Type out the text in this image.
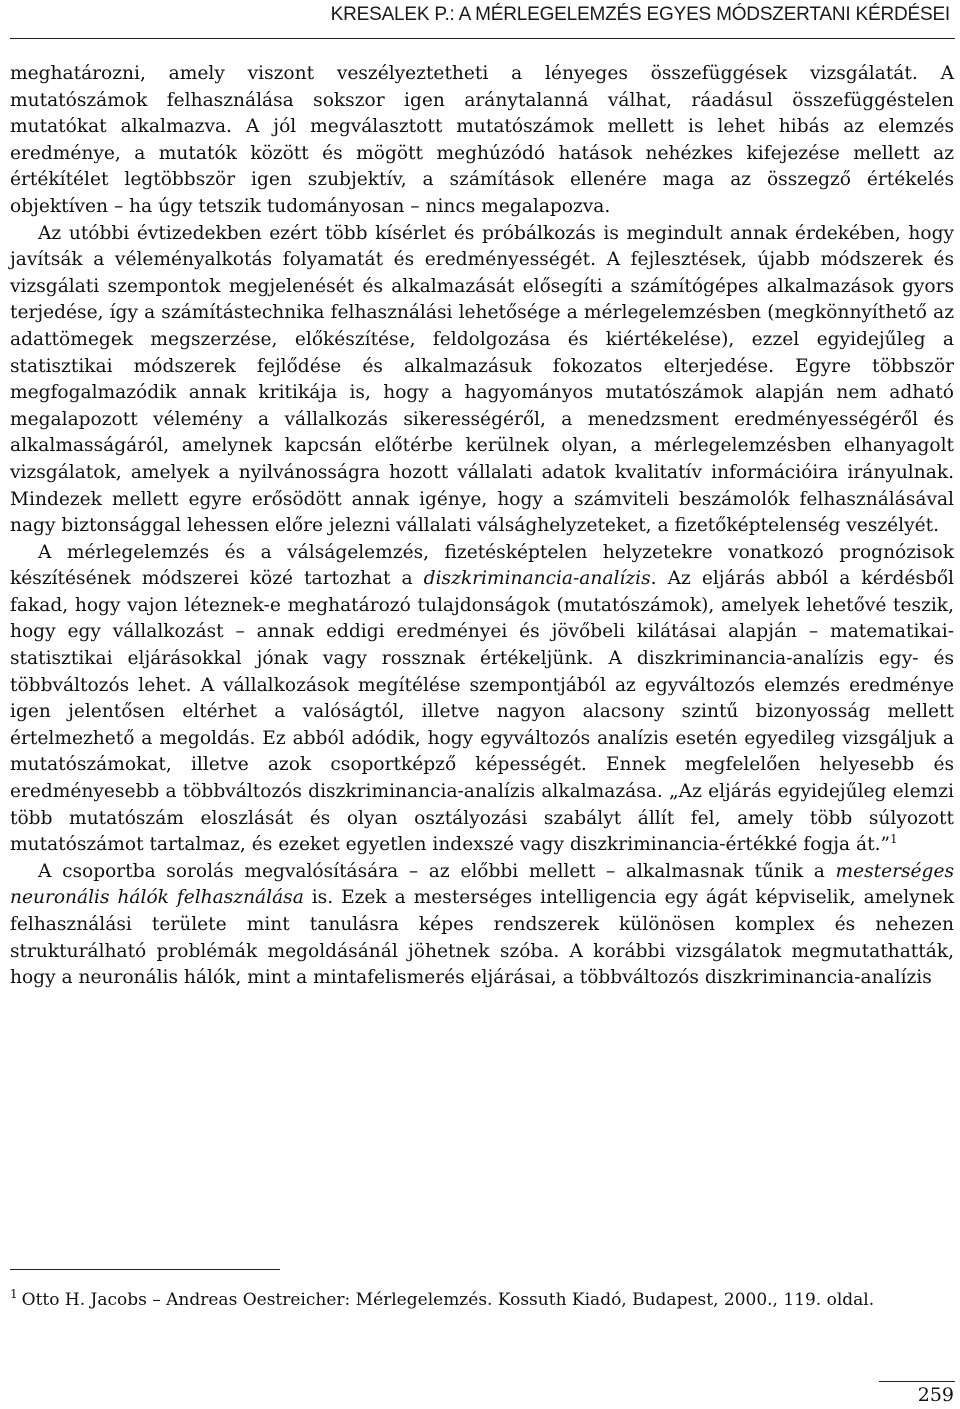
KRESALEK P.: A MÉRLEGELEMZÉS EGYES MÓDSZERTANI KÉRDÉSEI

meghatározni, amely viszont veszélyeztetheti a lényeges összefüggések vizsgálatát. A mutatószámok felhasználása sokszor igen aránytalanná válhat, ráadásul összefüggéstelen mutatókat alkalmazva. A jól megválasztott mutatószámok mellett is lehet hibás az elemzés eredménye, a mutatók között és mögött meghúzódó hatások nehézkes kifejezése mellett az értékítélet legtöbbször igen szubjektív, a számítások ellenére maga az összegző értékelés objektíven – ha úgy tetszik tudományosan – nincs megalapozva.

Az utóbbi évtizedekben ezért több kísérlet és próbálkozás is megindult annak érdekében, hogy javítsák a véleményalkotás folyamatát és eredményességét. A fejlesztések, újabb módszerek és vizsgálati szempontok megjelenését és alkalmazását elősegíti a számítógépes alkalmazások gyors terjedése, így a számítástechnika felhasználási lehetősége a mérlegelemzésben (megkönnyíthető az adattömegek megszerzése, előkészítése, feldolgozása és kiértékelése), ezzel egyidejűleg a statisztikai módszerek fejlődése és alkalmazásuk fokozatos elterjedése. Egyre többször megfogalmazódik annak kritikája is, hogy a hagyományos mutatószámok alapján nem adható megalapozott vélemény a vállalkozás sikerességéről, a menedzsment eredményességéről és alkalmasságáról, amelynek kapcsán előtérbe kerülnek olyan, a mérlegelemzésben elhanyagolt vizsgálatok, amelyek a nyilvánosságra hozott vállalati adatok kvalitatív információira irányulnak. Mindezek mellett egyre erősödött annak igénye, hogy a számviteli beszámolók felhasználásával nagy biztonsággal lehessen előre jelezni vállalati válsághelyzeteket, a fizetőképtelenség veszélyét.

A mérlegelemzés és a válságelemzés, fizetésképtelen helyzetekre vonatkozó prognózisok készítésének módszerei közé tartozhat a diszkriminancia-analízis. Az eljárás abból a kérdésből fakad, hogy vajon léteznek-e meghatározó tulajdonságok (mutatószámok), amelyek lehetővé teszik, hogy egy vállalkozást – annak eddigi eredményei és jövőbeli kilátásai alapján – matematikai-statisztikai eljárásokkal jónak vagy rossznak értékeljünk. A diszkriminancia-analízis egy- és többváltozós lehet. A vállalkozások megítélése szempontjából az egyváltozós elemzés eredménye igen jelentősen eltérhet a valóságtól, illetve nagyon alacsony szintű bizonyosság mellett értelmezhető a megoldás. Ez abból adódik, hogy egyváltozós analízis esetén egyedileg vizsgáljuk a mutatószámokat, illetve azok csoportképző képességét. Ennek megfelelően helyesebb és eredményesebb a többváltozós diszkriminancia-analízis alkalmazása. „Az eljárás egyidejűleg elemzi több mutatószám eloszlását és olyan osztályozási szabályt állít fel, amely több súlyozott mutatószámot tartalmaz, és ezeket egyetlen indexszé vagy diszkriminancia-értékké fogja át.”$^1$

A csoportba sorolás megvalósítására – az előbbi mellett – alkalmasnak tűnik a mesterséges neuronális hálók felhasználása is. Ezek a mesterséges intelligencia egy ágát képviselik, amelynek felhasználási területe mint tanulásra képes rendszerek különösen komplex és nehezen strukturálható problémák megoldásánál jöhetnek szóba. A korábbi vizsgálatok megmutathatták, hogy a neuronális hálók, mint a mintafelismerés eljárásai, a többváltozós diszkriminancia-analízis

$^1$ Otto H. Jacobs – Andreas Oestreicher: Mérlegelemzés. Kossuth Kiadó, Budapest, 2000., 119. oldal.
259
